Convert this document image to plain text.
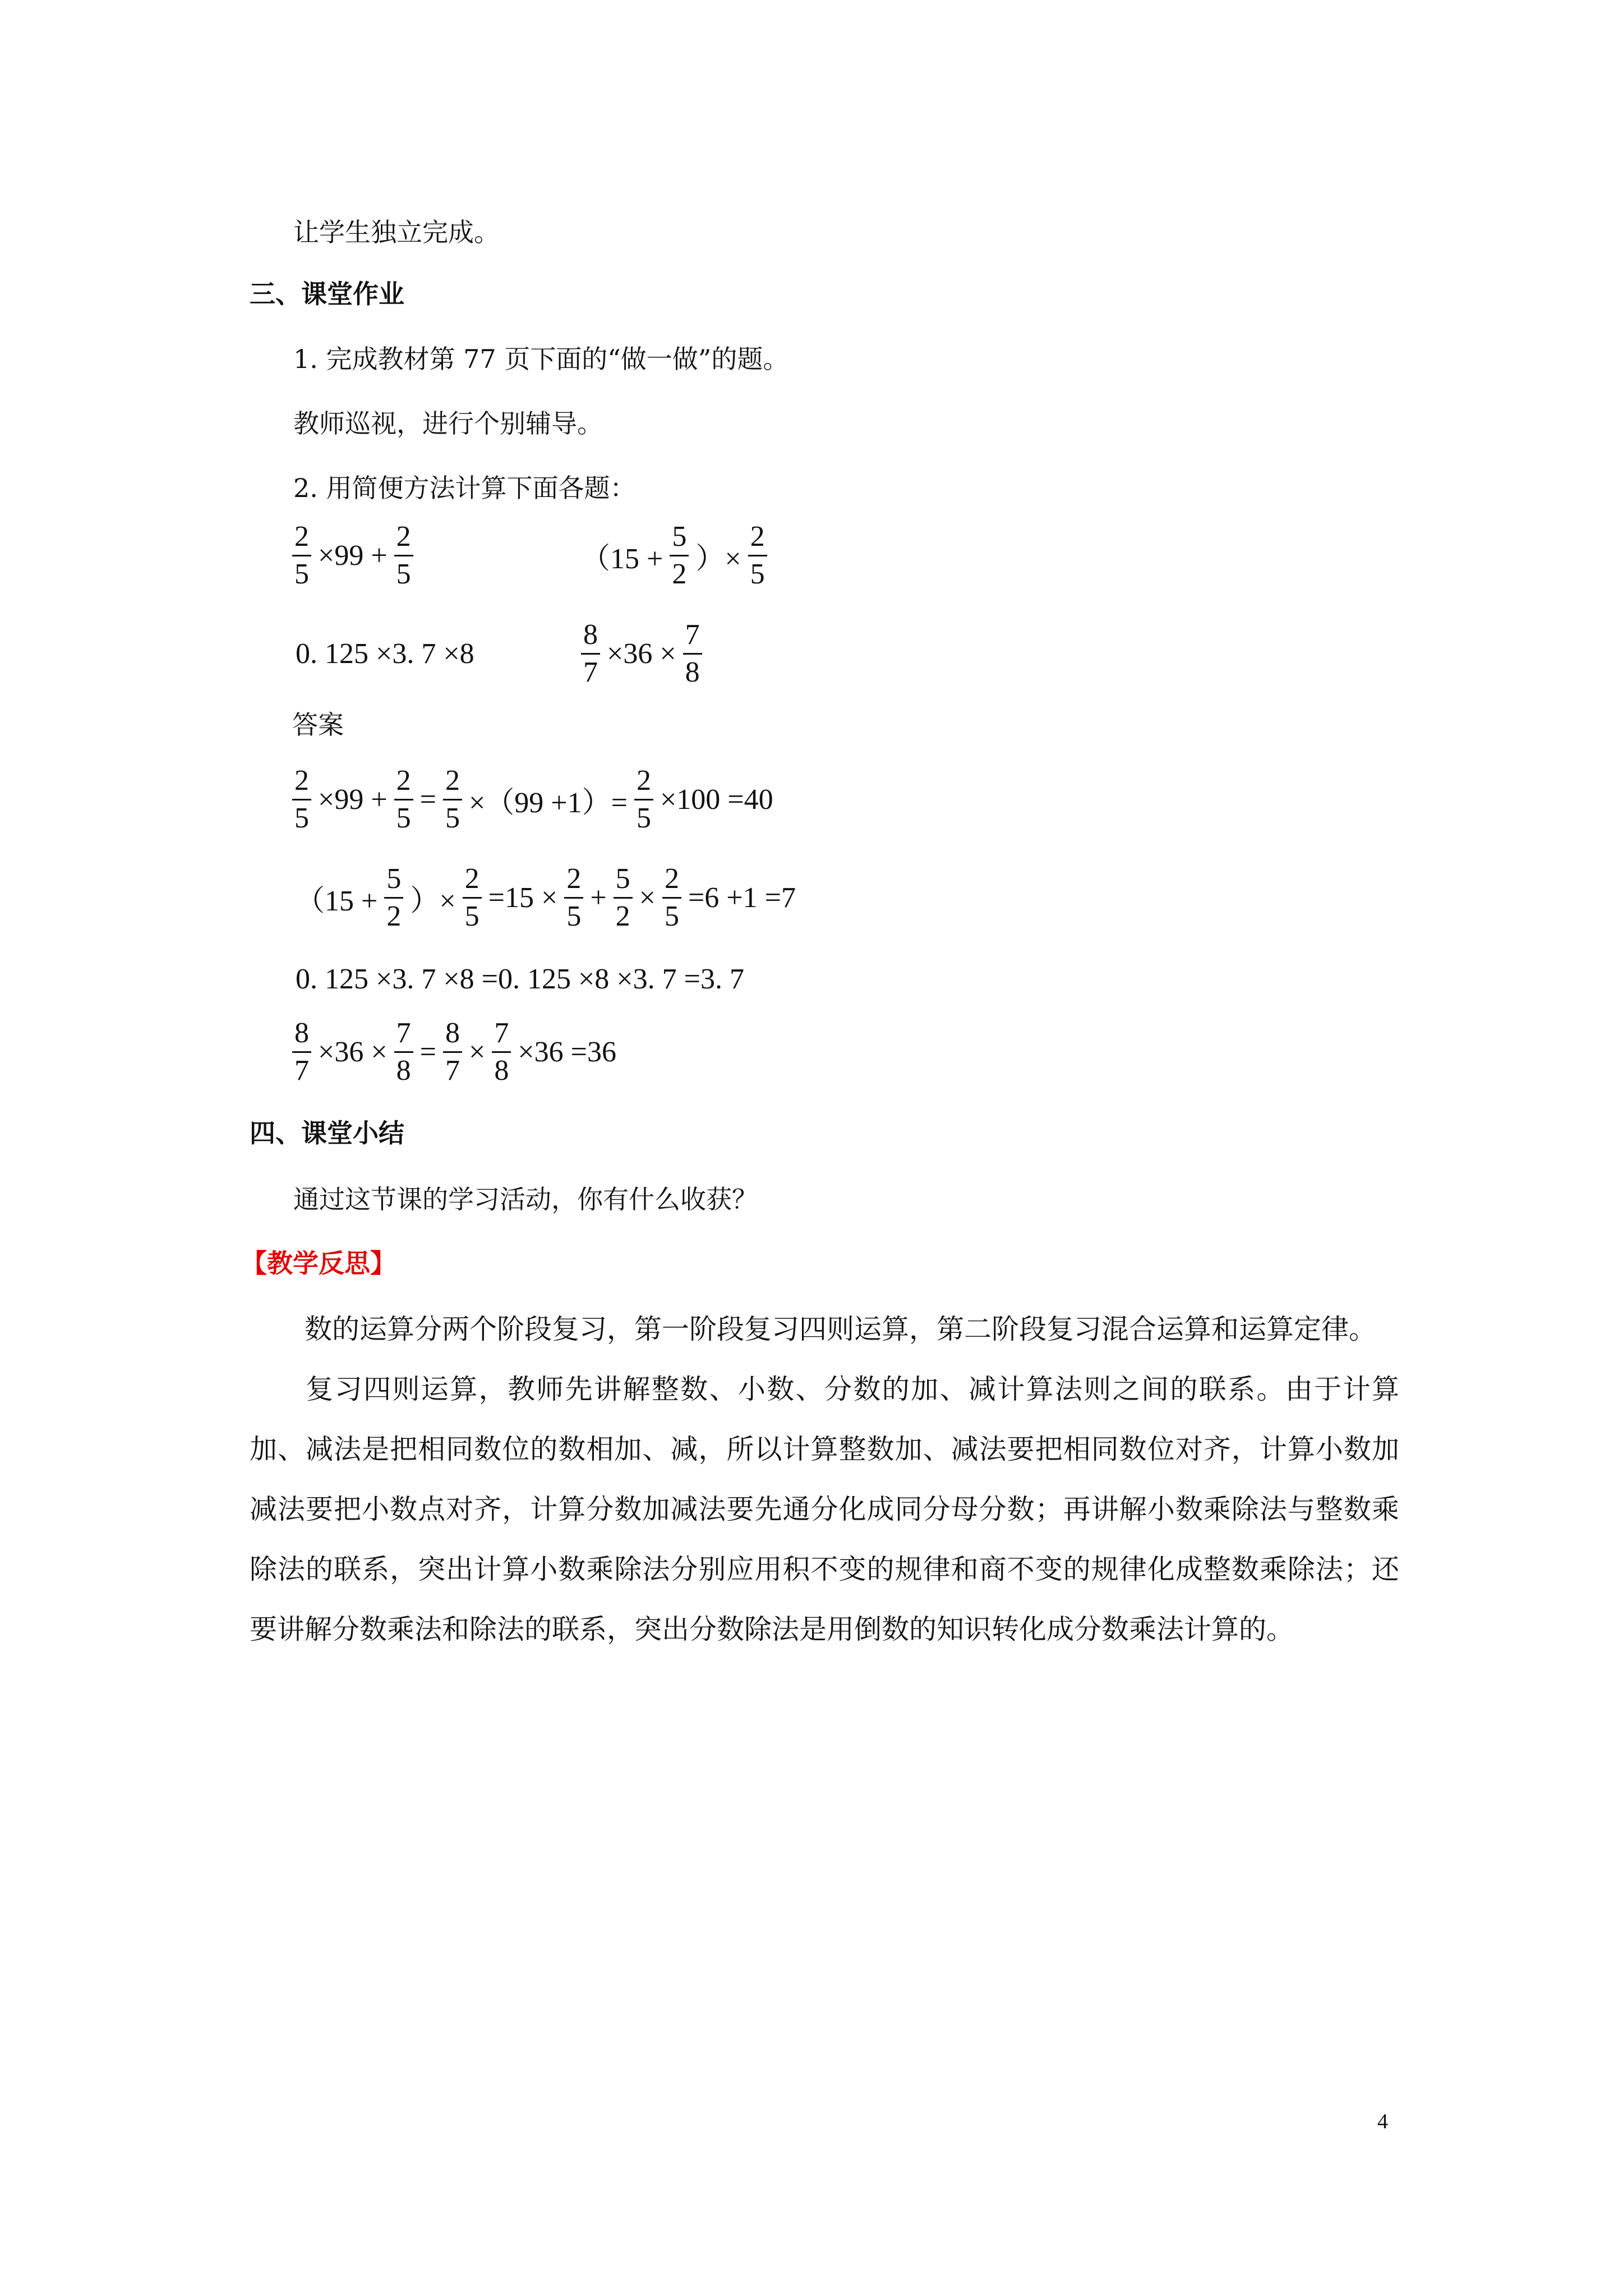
让学生独立完成。
三、课堂作业
1. 完成教材第 77 页下面的“做一做”的题。
教师巡视，进行个别辅导。
2. 用简便方法计算下面各题：
$\frac{2}{5} \times 99 + \frac{2}{5}$	（$15 + \frac{5}{2}$ ）× $\frac{2}{5}$
0. 125 ×3. 7 ×8	$\frac{8}{7} \times 36 \times \frac{7}{8}$
答案
$\frac{2}{5} \times 99 + \frac{2}{5} = \frac{2}{5} \times(99 +1)= \frac{2}{5} \times 100 =40$
（$15 + \frac{5}{2}$ ）× $\frac{2}{5} =15 \times \frac{2}{5} + \frac{5}{2} \times \frac{2}{5} =6 +1 =7$
0. 125 ×3. 7 ×8 =0. 125 ×8 ×3. 7 =3. 7
$\frac{8}{7} \times 36 \times \frac{7}{8} = \frac{8}{7} \times \frac{7}{8} \times 36 =36$
四、课堂小结
通过这节课的学习活动，你有什么收获？
【教学反思】
数的运算分两个阶段复习，第一阶段复习四则运算，第二阶段复习混合运算和运算定律。
复习四则运算，教师先讲解整数、小数、分数的加、减计算法则之间的联系。由于计算加、减法是把相同数位的数相加、减，所以计算整数加、减法要把相同数位对齐，计算小数加减法要把小数点对齐，计算分数加减法要先通分化成同分母分数；再讲解小数乘除法与整数乘除法的联系，突出计算小数乘除法分别应用积不变的规律和商不变的规律化成整数乘除法；还要讲解分数乘法和除法的联系，突出分数除法是用倒数的知识转化成分数乘法计算的。
4
